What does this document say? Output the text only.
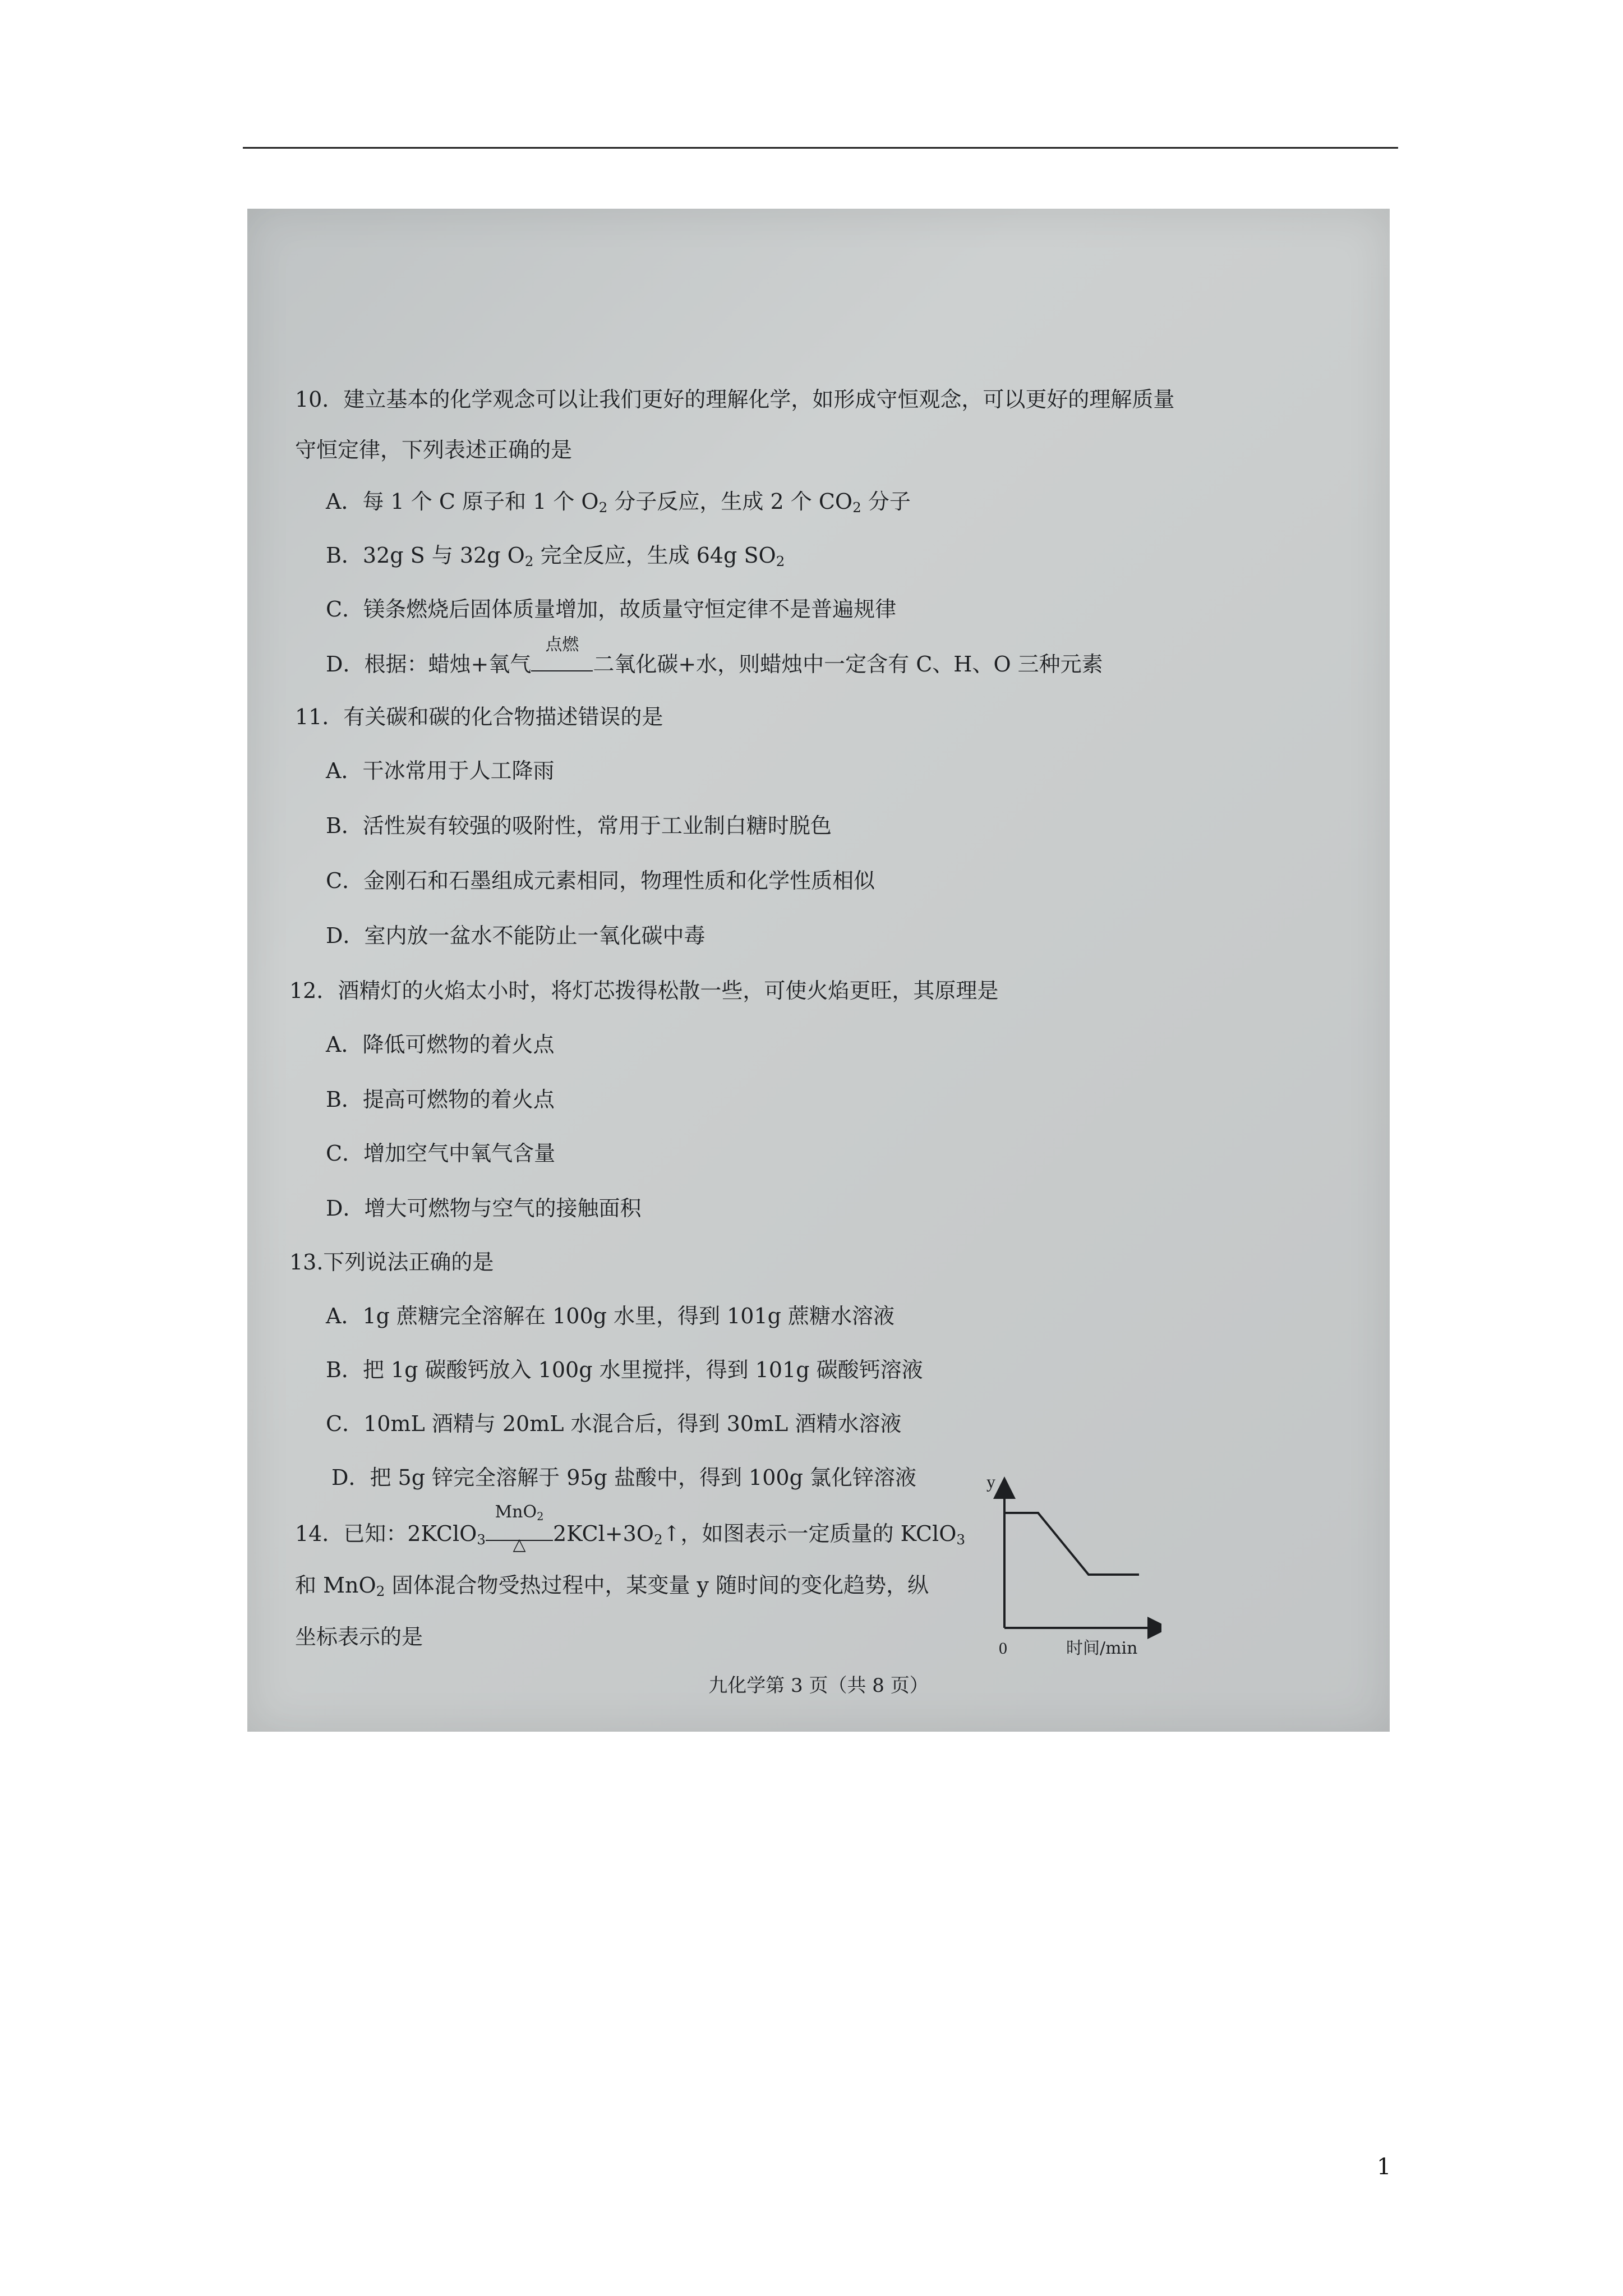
10．建立基本的化学观念可以让我们更好的理解化学，如形成守恒观念，可以更好的理解质量
守恒定律，下列表述正确的是
A．每 1 个 C 原子和 1 个 $O_2$ 分子反应，生成 2 个 $CO_2$ 分子
B．32g S 与 32g $O_2$ 完全反应，生成 64g $SO_2$
C．镁条燃烧后固体质量增加，故质量守恒定律不是普遍规律
D．根据：蜡烛+氧气
点燃
二氧化碳+水，则蜡烛中一定含有 C、H、O 三种元素
11．有关碳和碳的化合物描述错误的是
A．干冰常用于人工降雨
B．活性炭有较强的吸附性，常用于工业制白糖时脱色
C．金刚石和石墨组成元素相同，物理性质和化学性质相似
D．室内放一盆水不能防止一氧化碳中毒
12．酒精灯的火焰太小时，将灯芯拨得松散一些，可使火焰更旺，其原理是
A．降低可燃物的着火点
B．提高可燃物的着火点
C．增加空气中氧气含量
D．增大可燃物与空气的接触面积
13.下列说法正确的是
A．1g 蔗糖完全溶解在 100g 水里，得到 101g 蔗糖水溶液
B．把 1g 碳酸钙放入 100g 水里搅拌，得到 101g 碳酸钙溶液
C．10mL 酒精与 20mL 水混合后，得到 30mL 酒精水溶液
D．把 5g 锌完全溶解于 95g 盐酸中，得到 100g 氯化锌溶液
14．已知：2KClO$_3$
MnO$_2$
△	$2KCl+3O_2↑$，如图表示一定质量的 KClO$_3$
和 MnO$_2$ 固体混合物受热过程中，某变量 y 随时间的变化趋势，纵
坐标表示的是
y
0	时间/min
九化学第 3 页（共 8 页）
1
